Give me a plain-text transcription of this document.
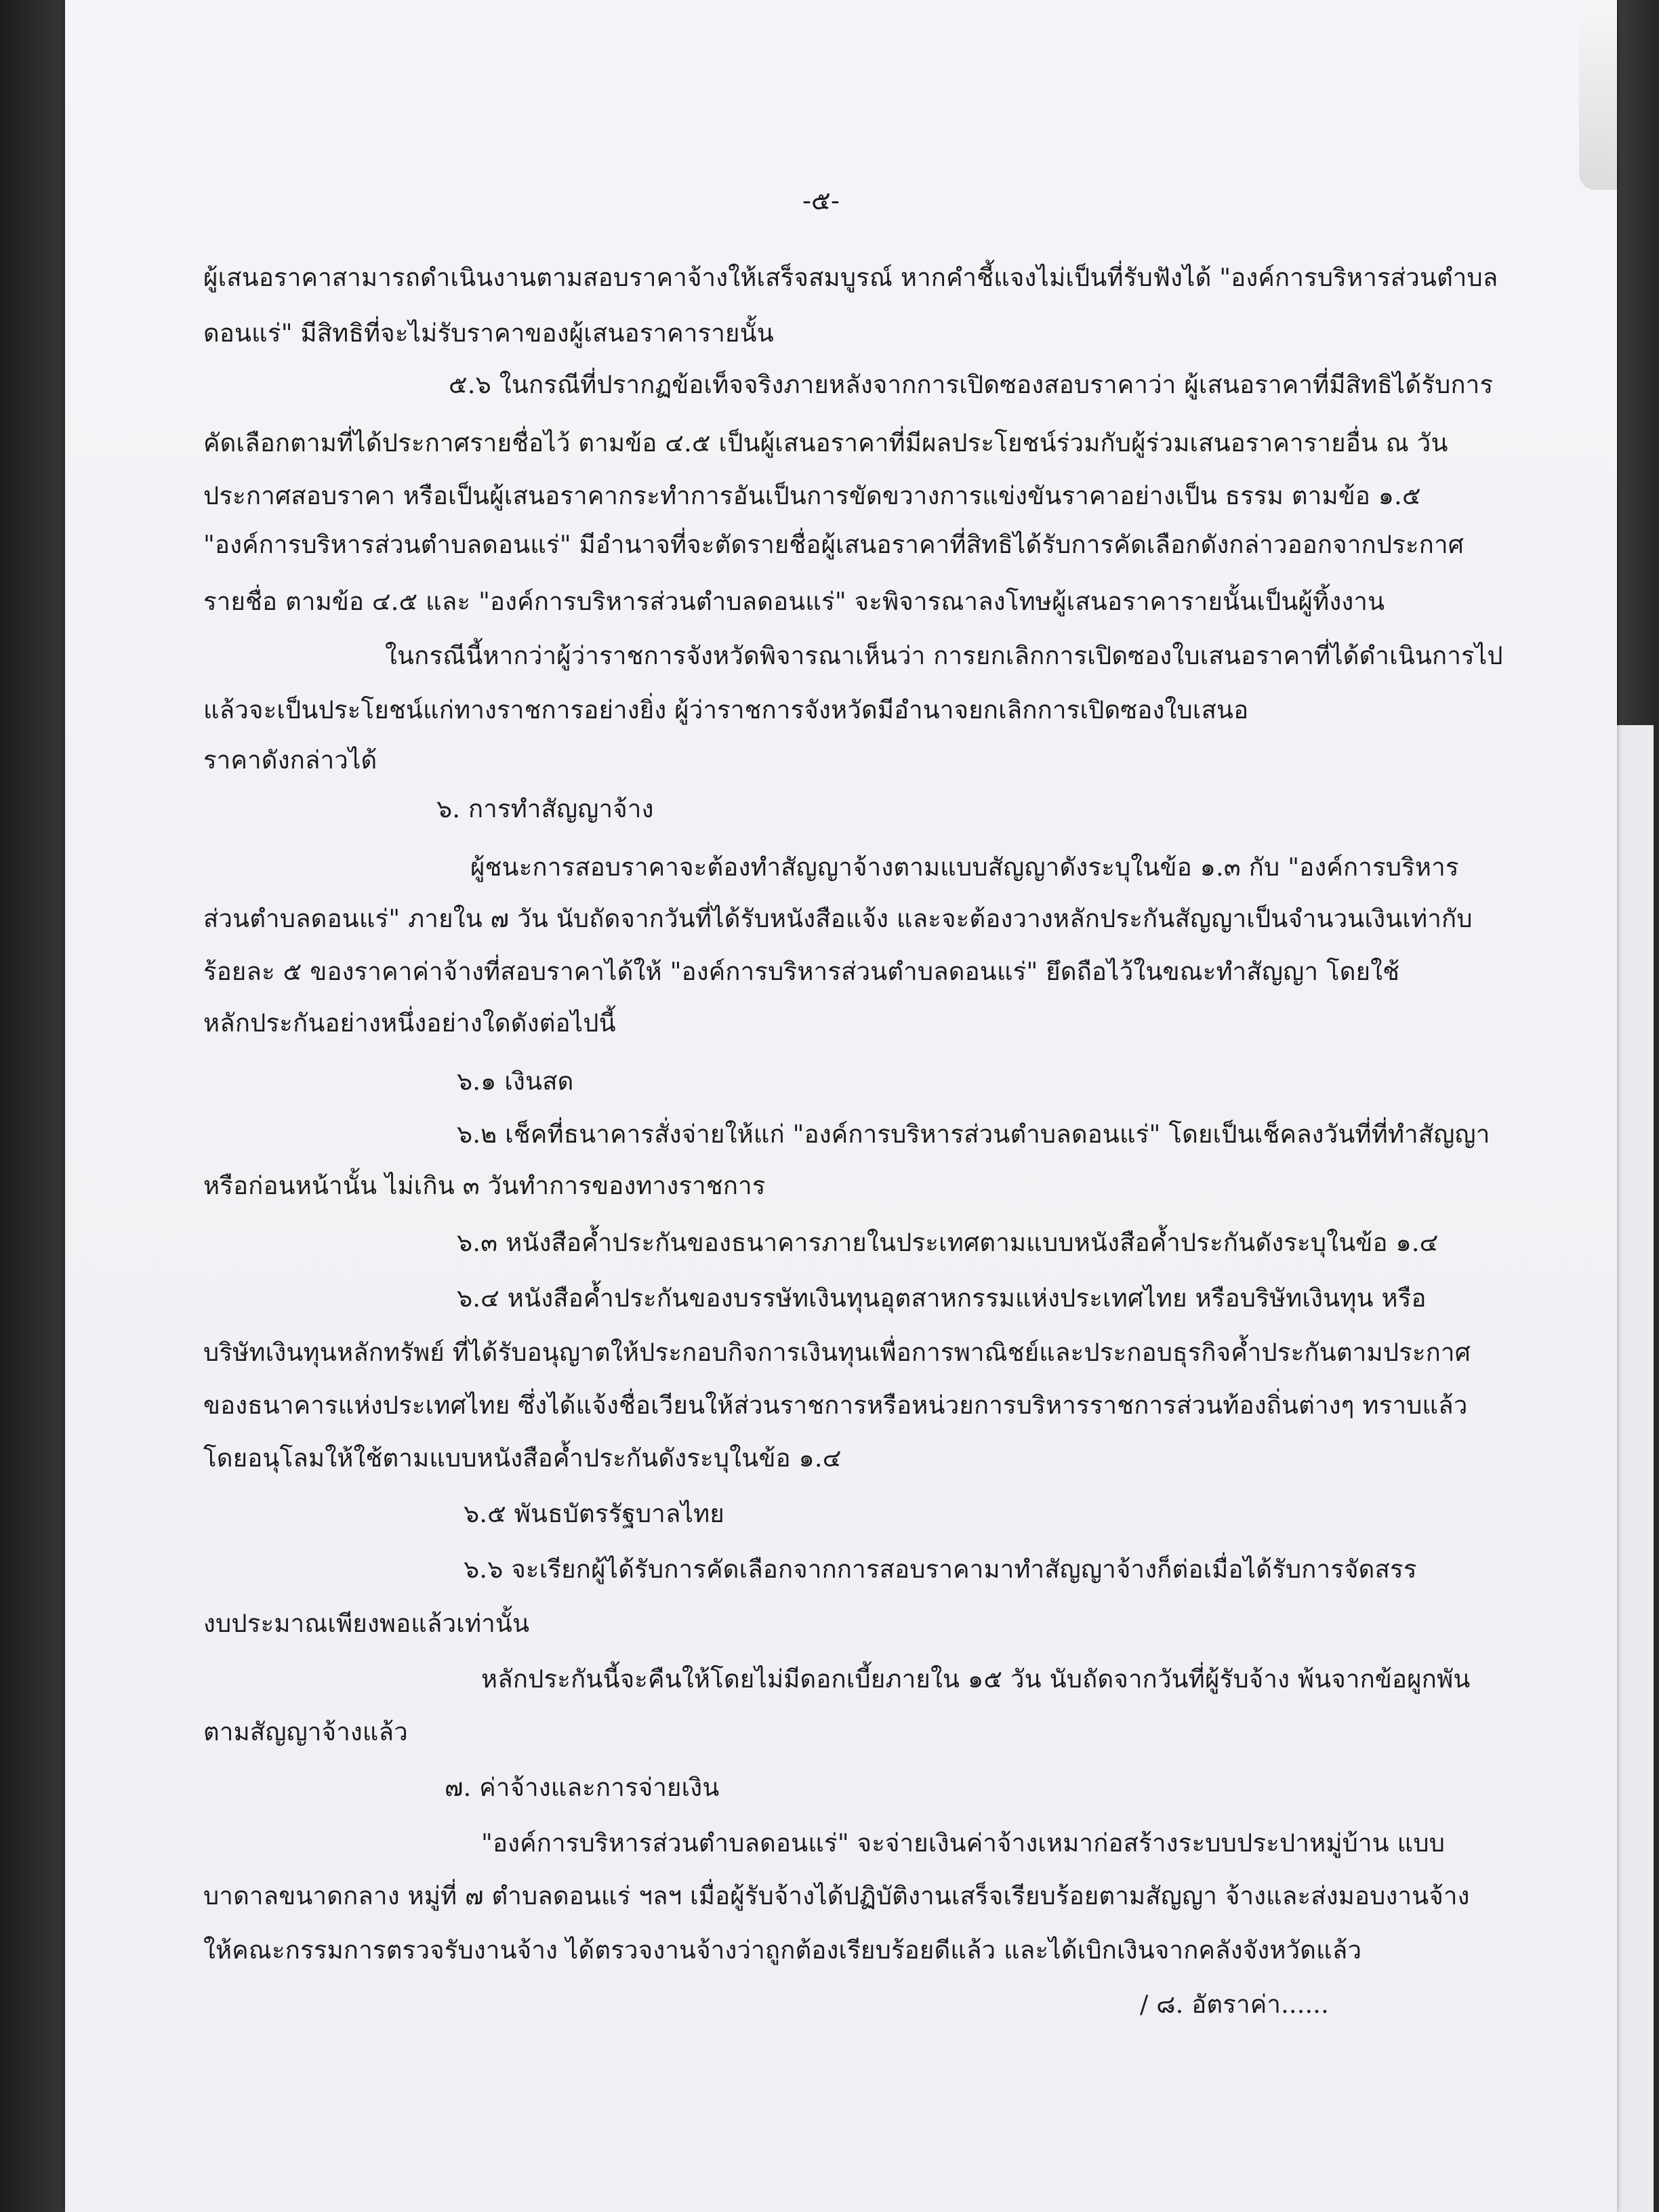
-๕-

ผู้เสนอราคาสามารถดำเนินงานตามสอบราคาจ้างให้เสร็จสมบูรณ์ หากคำชี้แจงไม่เป็นที่รับฟังได้ "องค์การบริหารส่วนตำบล

ดอนแร่" มีสิทธิที่จะไม่รับราคาของผู้เสนอราคารายนั้น

๕.๖ ในกรณีที่ปรากฏข้อเท็จจริงภายหลังจากการเปิดซองสอบราคาว่า ผู้เสนอราคาที่มีสิทธิได้รับการ

คัดเลือกตามที่ได้ประกาศรายชื่อไว้ ตามข้อ ๔.๕ เป็นผู้เสนอราคาที่มีผลประโยชน์ร่วมกับผู้ร่วมเสนอราคารายอื่น ณ วัน

ประกาศสอบราคา หรือเป็นผู้เสนอราคากระทำการอันเป็นการขัดขวางการแข่งขันราคาอย่างเป็น ธรรม ตามข้อ ๑.๕

"องค์การบริหารส่วนตำบลดอนแร่" มีอำนาจที่จะตัดรายชื่อผู้เสนอราคาที่สิทธิได้รับการคัดเลือกดังกล่าวออกจากประกาศ

รายชื่อ ตามข้อ ๔.๕ และ "องค์การบริหารส่วนตำบลดอนแร่" จะพิจารณาลงโทษผู้เสนอราคารายนั้นเป็นผู้ทิ้งงาน

ในกรณีนี้หากว่าผู้ว่าราชการจังหวัดพิจารณาเห็นว่า การยกเลิกการเปิดซองใบเสนอราคาที่ได้ดำเนินการไป

แล้วจะเป็นประโยชน์แก่ทางราชการอย่างยิ่ง ผู้ว่าราชการจังหวัดมีอำนาจยกเลิกการเปิดซองใบเสนอ

ราคาดังกล่าวได้

๖. การทำสัญญาจ้าง

ผู้ชนะการสอบราคาจะต้องทำสัญญาจ้างตามแบบสัญญาดังระบุในข้อ ๑.๓ กับ "องค์การบริหาร

ส่วนตำบลดอนแร่" ภายใน ๗ วัน นับถัดจากวันที่ได้รับหนังสือแจ้ง และจะต้องวางหลักประกันสัญญาเป็นจำนวนเงินเท่ากับ

ร้อยละ ๕ ของราคาค่าจ้างที่สอบราคาได้ให้ "องค์การบริหารส่วนตำบลดอนแร่" ยึดถือไว้ในขณะทำสัญญา โดยใช้

หลักประกันอย่างหนึ่งอย่างใดดังต่อไปนี้

๖.๑ เงินสด

๖.๒ เช็คที่ธนาคารสั่งจ่ายให้แก่ "องค์การบริหารส่วนตำบลดอนแร่" โดยเป็นเช็คลงวันที่ที่ทำสัญญา

หรือก่อนหน้านั้น ไม่เกิน ๓ วันทำการของทางราชการ

๖.๓ หนังสือค้ำประกันของธนาคารภายในประเทศตามแบบหนังสือค้ำประกันดังระบุในข้อ ๑.๔

๖.๔ หนังสือค้ำประกันของบรรษัทเงินทุนอุตสาหกรรมแห่งประเทศไทย หรือบริษัทเงินทุน หรือ

บริษัทเงินทุนหลักทรัพย์ ที่ได้รับอนุญาตให้ประกอบกิจการเงินทุนเพื่อการพาณิชย์และประกอบธุรกิจค้ำประกันตามประกาศ

ของธนาคารแห่งประเทศไทย ซึ่งได้แจ้งชื่อเวียนให้ส่วนราชการหรือหน่วยการบริหารราชการส่วนท้องถิ่นต่างๆ ทราบแล้ว

โดยอนุโลมให้ใช้ตามแบบหนังสือค้ำประกันดังระบุในข้อ ๑.๔

๖.๕ พันธบัตรรัฐบาลไทย

๖.๖ จะเรียกผู้ได้รับการคัดเลือกจากการสอบราคามาทำสัญญาจ้างก็ต่อเมื่อได้รับการจัดสรร

งบประมาณเพียงพอแล้วเท่านั้น

หลักประกันนี้จะคืนให้โดยไม่มีดอกเบี้ยภายใน ๑๕ วัน นับถัดจากวันที่ผู้รับจ้าง พ้นจากข้อผูกพัน

ตามสัญญาจ้างแล้ว

๗. ค่าจ้างและการจ่ายเงิน

"องค์การบริหารส่วนตำบลดอนแร่" จะจ่ายเงินค่าจ้างเหมาก่อสร้างระบบประปาหมู่บ้าน แบบ

บาดาลขนาดกลาง หมู่ที่ ๗ ตำบลดอนแร่ ฯลฯ เมื่อผู้รับจ้างได้ปฏิบัติงานเสร็จเรียบร้อยตามสัญญา จ้างและส่งมอบงานจ้าง

ให้คณะกรรมการตรวจรับงานจ้าง ได้ตรวจงานจ้างว่าถูกต้องเรียบร้อยดีแล้ว และได้เบิกเงินจากคลังจังหวัดแล้ว

/ ๘. อัตราค่า......
